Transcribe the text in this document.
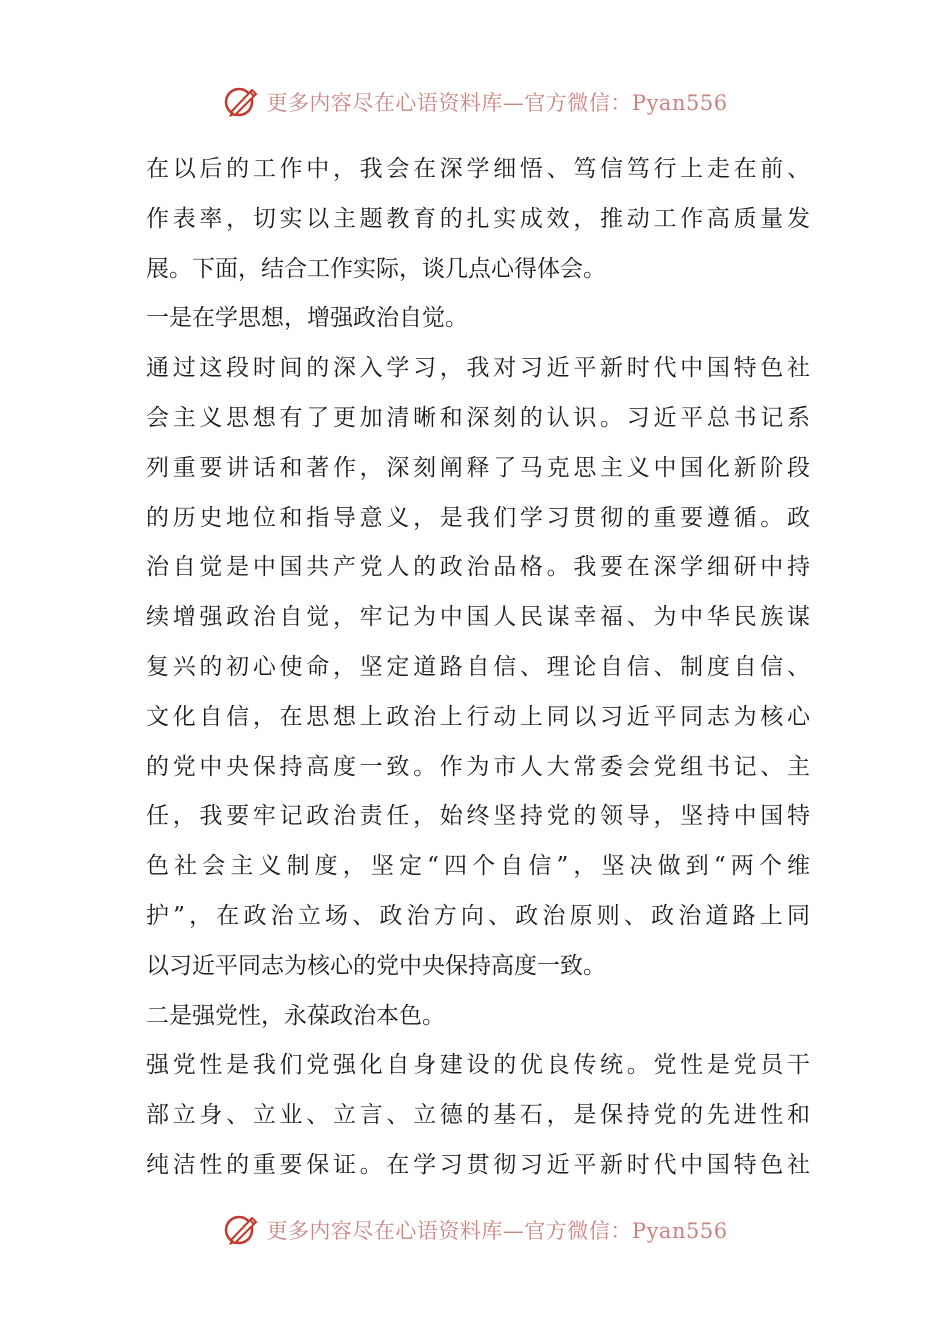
更多内容尽在心语资料库—官方微信：Pyan556
在以后的工作中，我会在深学细悟、笃信笃行上走在前、
作表率，切实以主题教育的扎实成效，推动工作高质量发
展。下面，结合工作实际，谈几点心得体会。
一是在学思想，增强政治自觉。
通过这段时间的深入学习，我对习近平新时代中国特色社
会主义思想有了更加清晰和深刻的认识。习近平总书记系
列重要讲话和著作，深刻阐释了马克思主义中国化新阶段
的历史地位和指导意义，是我们学习贯彻的重要遵循。政
治自觉是中国共产党人的政治品格。我要在深学细研中持
续增强政治自觉，牢记为中国人民谋幸福、为中华民族谋
复兴的初心使命，坚定道路自信、理论自信、制度自信、
文化自信，在思想上政治上行动上同以习近平同志为核心
的党中央保持高度一致。作为市人大常委会党组书记、主
任，我要牢记政治责任，始终坚持党的领导，坚持中国特
色社会主义制度，坚定“四个自信”，坚决做到“两个维
护”，在政治立场、政治方向、政治原则、政治道路上同
以习近平同志为核心的党中央保持高度一致。
二是强党性，永葆政治本色。
强党性是我们党强化自身建设的优良传统。党性是党员干
部立身、立业、立言、立德的基石，是保持党的先进性和
纯洁性的重要保证。在学习贯彻习近平新时代中国特色社
更多内容尽在心语资料库—官方微信：Pyan556
